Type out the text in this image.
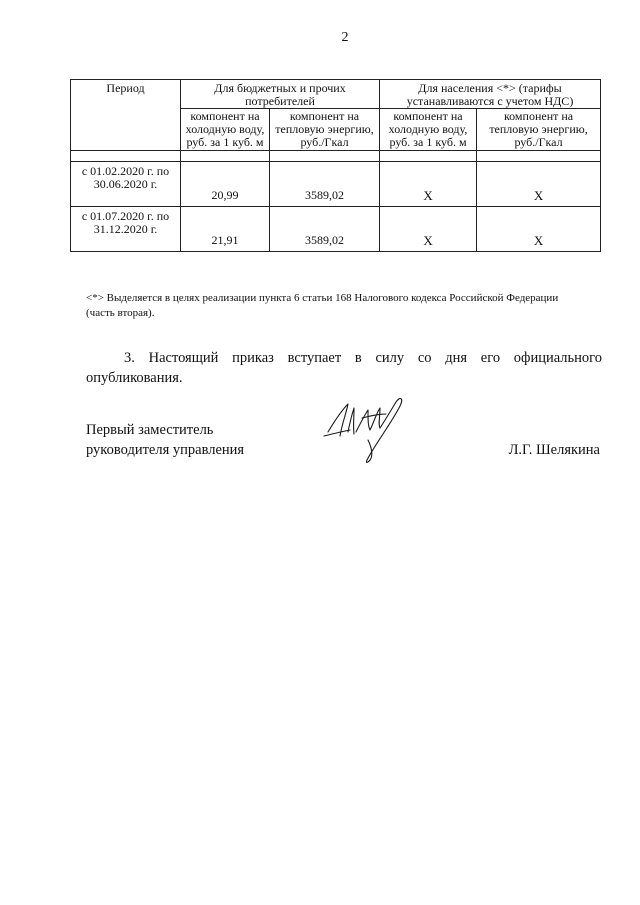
2
Период	Для бюджетных и прочих потребителей		Для населения <*> (тарифы устанавливаются с учетом НДС)	
	компонент на холодную воду, руб. за 1 куб. м	компонент на тепловую энергию, руб./Гкал	компонент на холодную воду, руб. за 1 куб. м	компонент на тепловую энергию, руб./Гкал

с 01.02.2020 г. по 30.06.2020 г.	20,99	3589,02	Х	Х
с 01.07.2020 г. по 31.12.2020 г.	21,91	3589,02	Х	Х
<*> Выделяется в целях реализации пункта 6 статьи 168 Налогового кодекса Российской Федерации
(часть вторая).
3. Настоящий приказ вступает в силу со дня его официального
опубликования.
Первый заместитель
руководителя управления	Л.Г. Шелякина
